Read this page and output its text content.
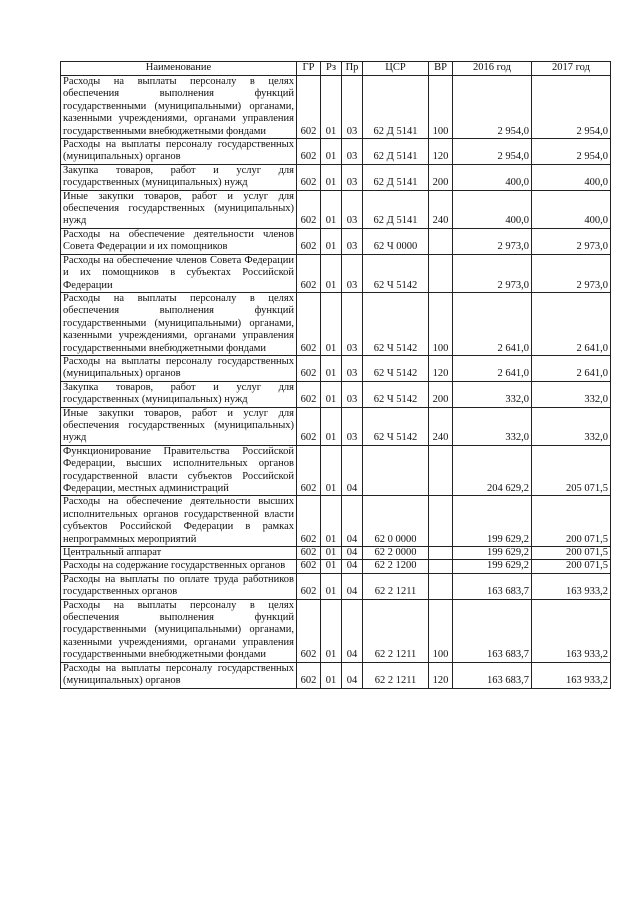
Наименование	ГР	Рз	Пр	ЦСР	ВР	2016 год	2017 год
Расходы на выплаты персоналу в целях обеспечения выполнения функций государственными (муниципальными) органами, казенными учреждениями, органами управления государственными внебюджетными фондами	602	01	03	62 Д 5141	100	2 954,0	2 954,0
Расходы на выплаты персоналу государственных (муниципальных) органов	602	01	03	62 Д 5141	120	2 954,0	2 954,0
Закупка товаров, работ и услуг для государственных (муниципальных) нужд	602	01	03	62 Д 5141	200	400,0	400,0
Иные закупки товаров, работ и услуг для обеспечения государственных (муниципальных) нужд	602	01	03	62 Д 5141	240	400,0	400,0
Расходы на обеспечение деятельности членов Совета Федерации и их помощников	602	01	03	62 Ч 0000		2 973,0	2 973,0
Расходы на обеспечение членов Совета Федерации и их помощников в субъектах Российской Федерации	602	01	03	62 Ч 5142		2 973,0	2 973,0
Расходы на выплаты персоналу в целях обеспечения выполнения функций государственными (муниципальными) органами, казенными учреждениями, органами управления государственными внебюджетными фондами	602	01	03	62 Ч 5142	100	2 641,0	2 641,0
Расходы на выплаты персоналу государственных (муниципальных) органов	602	01	03	62 Ч 5142	120	2 641,0	2 641,0
Закупка товаров, работ и услуг для государственных (муниципальных) нужд	602	01	03	62 Ч 5142	200	332,0	332,0
Иные закупки товаров, работ и услуг для обеспечения государственных (муниципальных) нужд	602	01	03	62 Ч 5142	240	332,0	332,0
Функционирование Правительства Российской Федерации, высших исполнительных органов государственной власти субъектов Российской Федерации, местных администраций	602	01	04			204 629,2	205 071,5
Расходы на обеспечение деятельности высших исполнительных органов государственной власти субъектов Российской Федерации в рамках непрограммных мероприятий	602	01	04	62 0 0000		199 629,2	200 071,5
Центральный аппарат	602	01	04	62 2 0000		199 629,2	200 071,5
Расходы на содержание государственных органов	602	01	04	62 2 1200		199 629,2	200 071,5
Расходы на выплаты по оплате труда работников государственных органов	602	01	04	62 2 1211		163 683,7	163 933,2
Расходы на выплаты персоналу в целях обеспечения выполнения функций государственными (муниципальными) органами, казенными учреждениями, органами управления государственными внебюджетными фондами	602	01	04	62 2 1211	100	163 683,7	163 933,2
Расходы на выплаты персоналу государственных (муниципальных) органов	602	01	04	62 2 1211	120	163 683,7	163 933,2
